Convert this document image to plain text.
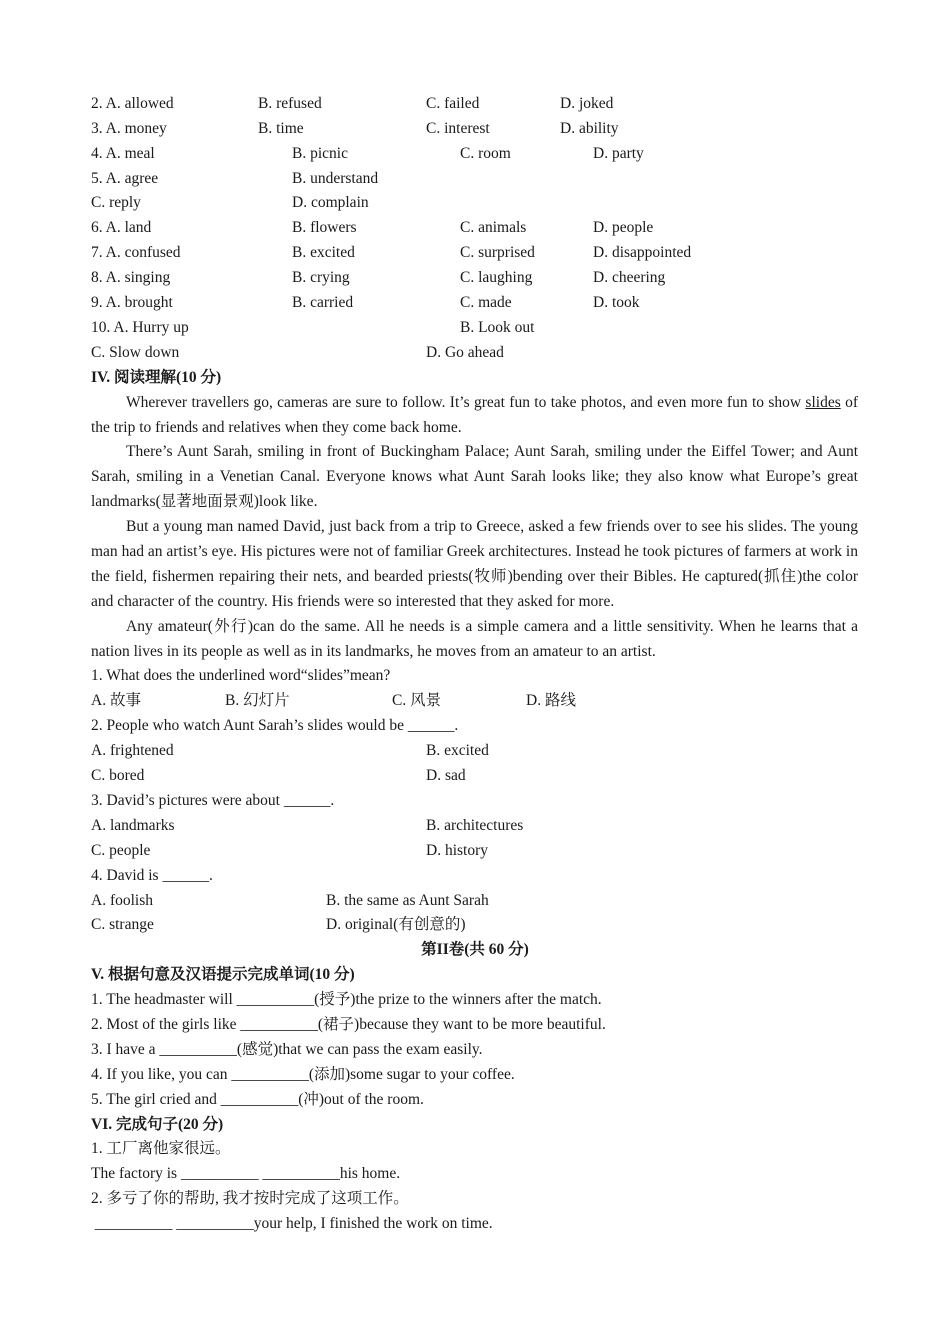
2. A. allowed	B. refused	C. failed	D. joked
3. A. money	B. time	C. interest	D. ability
4. A. meal	B. picnic	C. room	D. party
5. A. agree	B. understand
C. reply	D. complain
6. A. land	B. flowers	C. animals	D. people
7. A. confused	B. excited	C. surprised	D. disappointed
8. A. singing	B. crying	C. laughing	D. cheering
9. A. brought	B. carried	C. made	D. took
10. A. Hurry up	B. Look out
C. Slow down	D. Go ahead
IV. 阅读理解(10 分)
Wherever travellers go, cameras are sure to follow. It’s great fun to take photos, and even more fun to show slides of the trip to friends and relatives when they come back home.
There’s Aunt Sarah, smiling in front of Buckingham Palace; Aunt Sarah, smiling under the Eiffel Tower; and Aunt Sarah, smiling in a Venetian Canal. Everyone knows what Aunt Sarah looks like; they also know what Europe’s great landmarks(显著地面景观)look like.
But a young man named David, just back from a trip to Greece, asked a few friends over to see his slides. The young man had an artist’s eye. His pictures were not of familiar Greek architectures. Instead he took pictures of farmers at work in the field, fishermen repairing their nets, and bearded priests(牧师)bending over their Bibles. He captured(抓住)the color and character of the country. His friends were so interested that they asked for more.
Any amateur(外行)can do the same. All he needs is a simple camera and a little sensitivity. When he learns that a nation lives in its people as well as in its landmarks, he moves from an amateur to an artist.
1. What does the underlined word“slides”mean?
A. 故事	B. 幻灯片	C. 风景	D. 路线
2. People who watch Aunt Sarah’s slides would be ______.
A. frightened	B. excited
C. bored	D. sad
3. David’s pictures were about ______.
A. landmarks	B. architectures
C. people	D. history
4. David is ______.
A. foolish	B. the same as Aunt Sarah
C. strange	D. original(有创意的)
第II卷(共 60 分)
V. 根据句意及汉语提示完成单词(10 分)
1. The headmaster will __________(授予)the prize to the winners after the match.
2. Most of the girls like __________(裙子)because they want to be more beautiful.
3. I have a __________(感觉)that we can pass the exam easily.
4. If you like, you can __________(添加)some sugar to your coffee.
5. The girl cried and __________(冲)out of the room.
VI. 完成句子(20 分)
1. 工厂离他家很远。
The factory is __________ __________his home.
2. 多亏了你的帮助, 我才按时完成了这项工作。
__________ __________your help, I finished the work on time.
